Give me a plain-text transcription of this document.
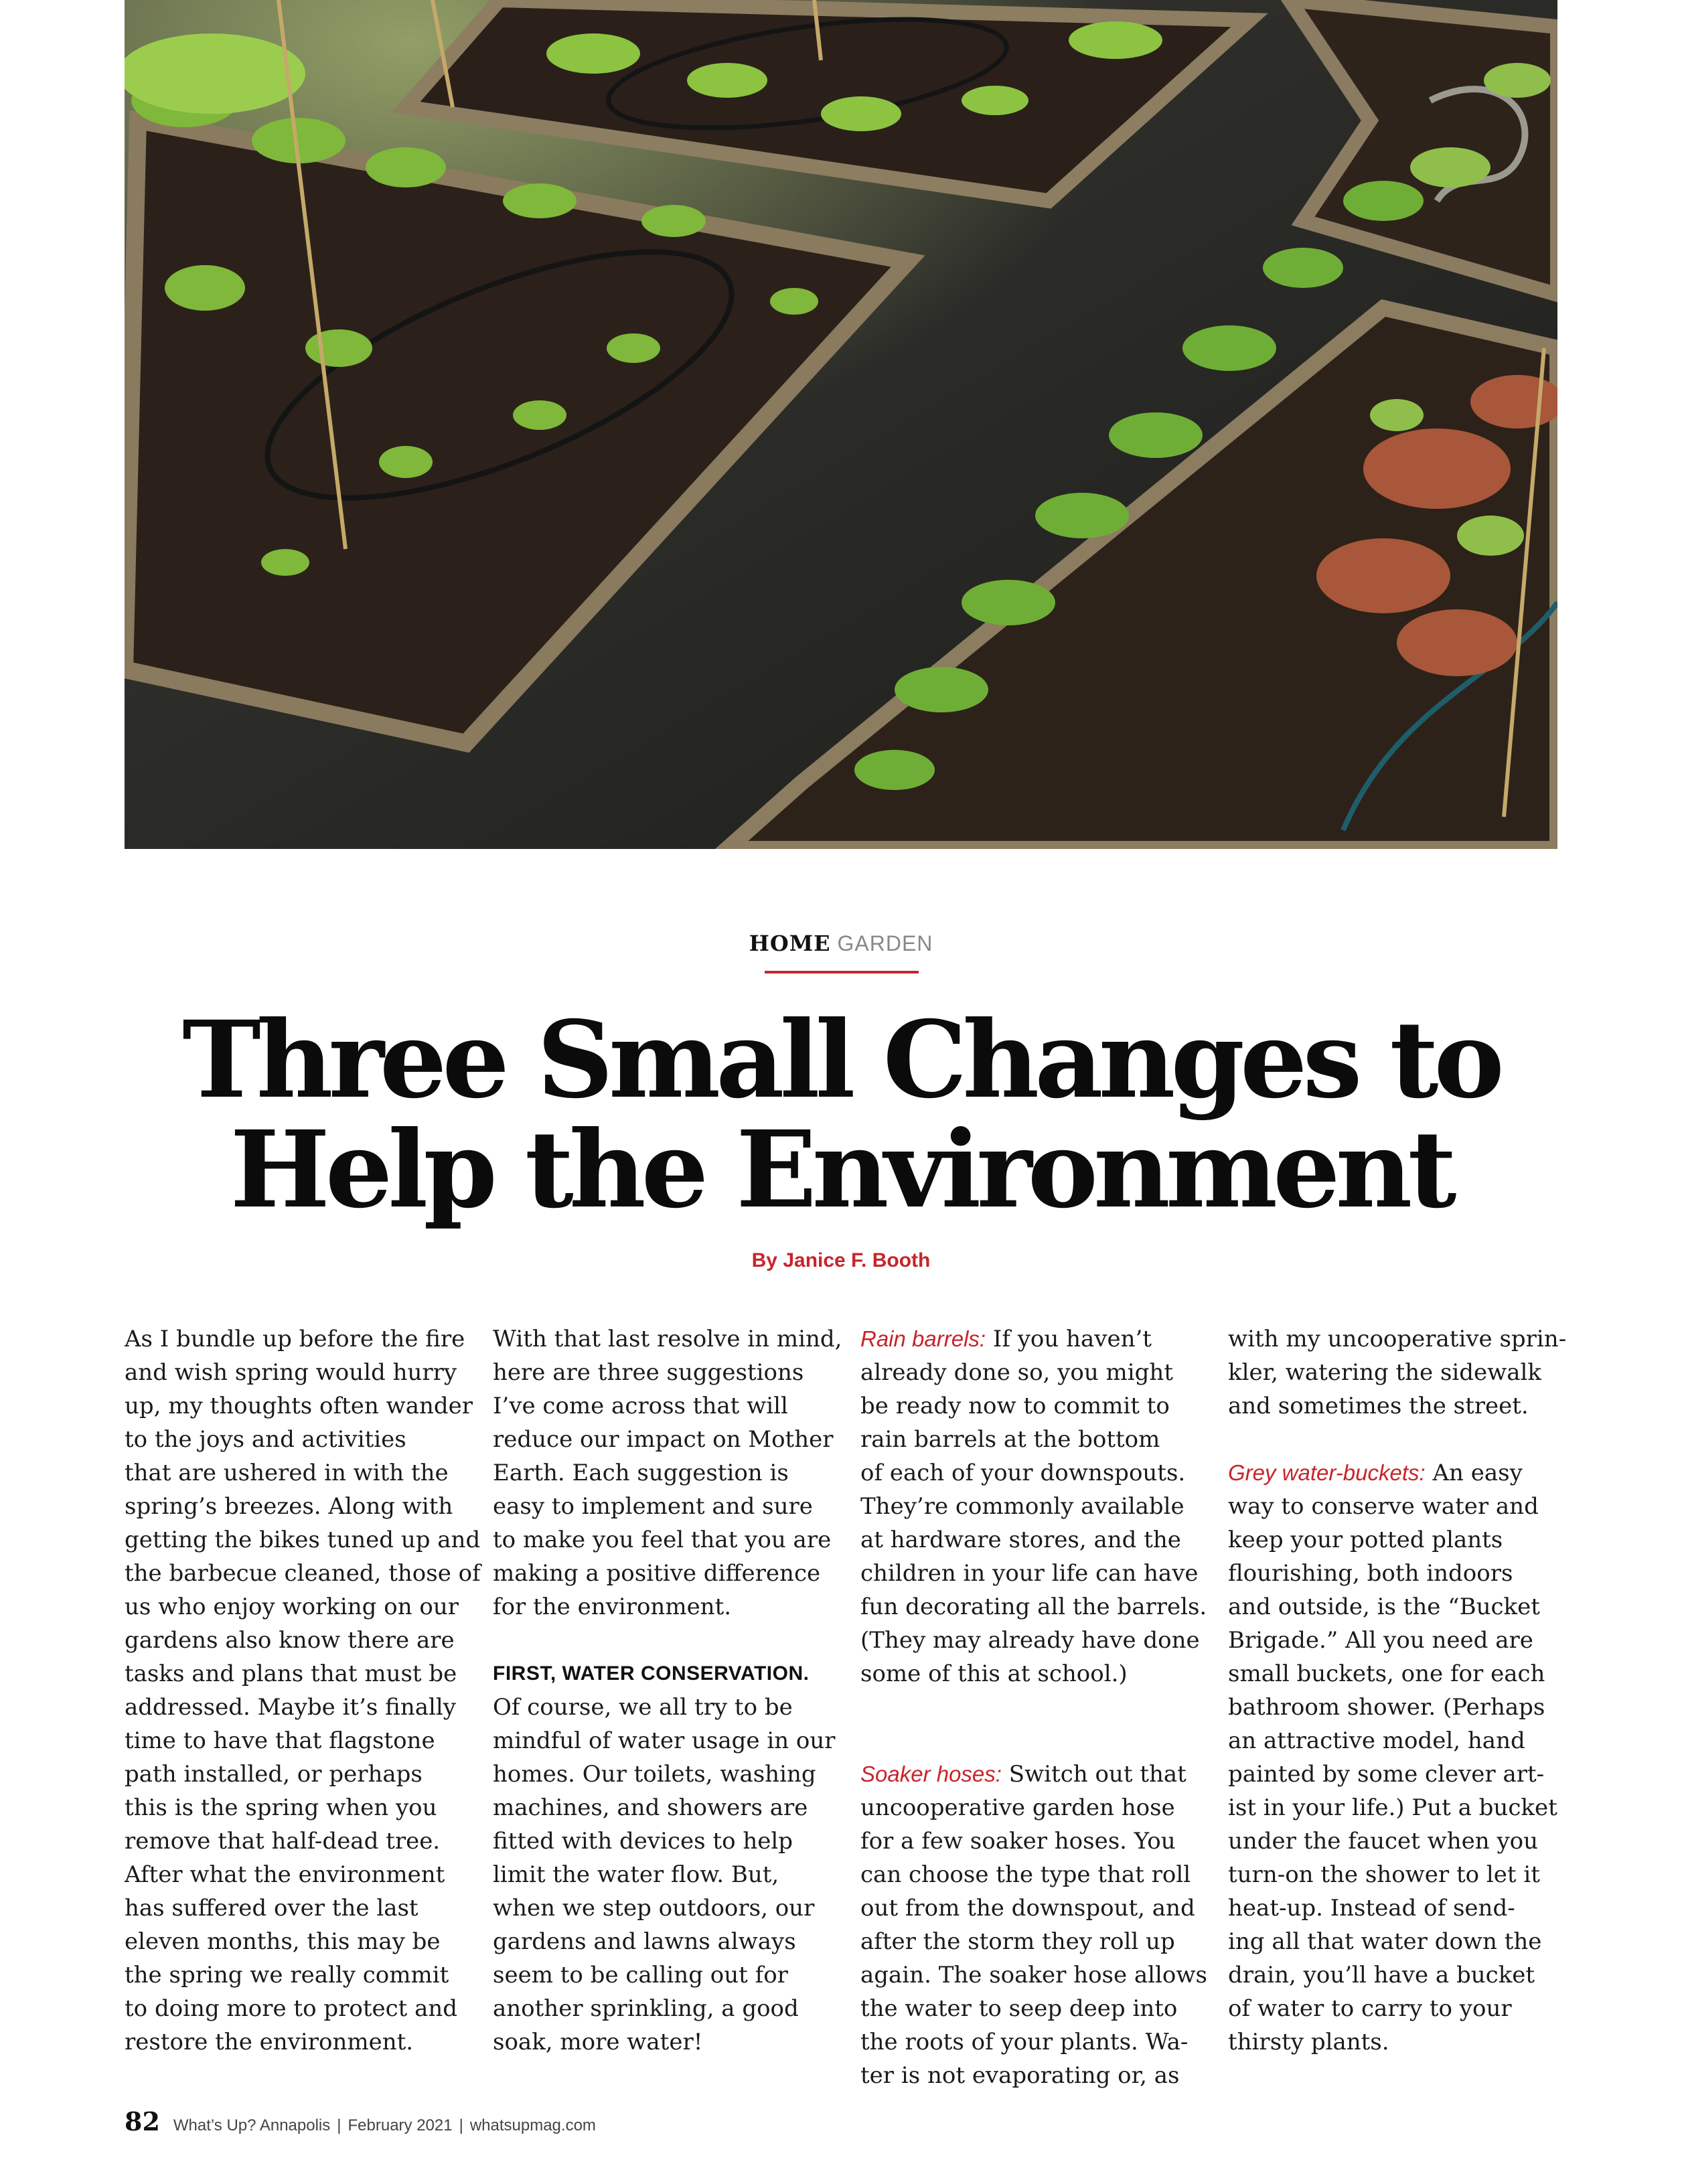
HOME GARDEN
Three Small Changes to
Help the Environment
By Janice F. Booth
As I bundle up before the fire
and wish spring would hurry
up, my thoughts often wander
to the joys and activities
that are ushered in with the
spring’s breezes. Along with
getting the bikes tuned up and
the barbecue cleaned, those of
us who enjoy working on our
gardens also know there are
tasks and plans that must be
addressed. Maybe it’s finally
time to have that flagstone
path installed, or perhaps
this is the spring when you
remove that half-dead tree.
After what the environment
has suffered over the last
eleven months, this may be
the spring we really commit
to doing more to protect and
restore the environment.
With that last resolve in mind,
here are three suggestions
I’ve come across that will
reduce our impact on Mother
Earth. Each suggestion is
easy to implement and sure
to make you feel that you are
making a positive difference
for the environment.
FIRST, WATER CONSERVATION.
Of course, we all try to be
mindful of water usage in our
homes. Our toilets, washing
machines, and showers are
fitted with devices to help
limit the water flow. But,
when we step outdoors, our
gardens and lawns always
seem to be calling out for
another sprinkling, a good
soak, more water!
Rain barrels: If you haven’t
already done so, you might
be ready now to commit to
rain barrels at the bottom
of each of your downspouts.
They’re commonly available
at hardware stores, and the
children in your life can have
fun decorating all the barrels.
(They may already have done
some of this at school.)
Soaker hoses: Switch out that
uncooperative garden hose
for a few soaker hoses. You
can choose the type that roll
out from the downspout, and
after the storm they roll up
again. The soaker hose allows
the water to seep deep into
the roots of your plants. Wa-
ter is not evaporating or, as
with my uncooperative sprin-
kler, watering the sidewalk
and sometimes the street.
Grey water-buckets: An easy
way to conserve water and
keep your potted plants
flourishing, both indoors
and outside, is the “Bucket
Brigade.” All you need are
small buckets, one for each
bathroom shower. (Perhaps
an attractive model, hand
painted by some clever art-
ist in your life.) Put a bucket
under the faucet when you
turn-on the shower to let it
heat-up. Instead of send-
ing all that water down the
drain, you’ll have a bucket
of water to carry to your
thirsty plants.
82 What’s Up? Annapolis | February 2021 | whatsupmag.com
